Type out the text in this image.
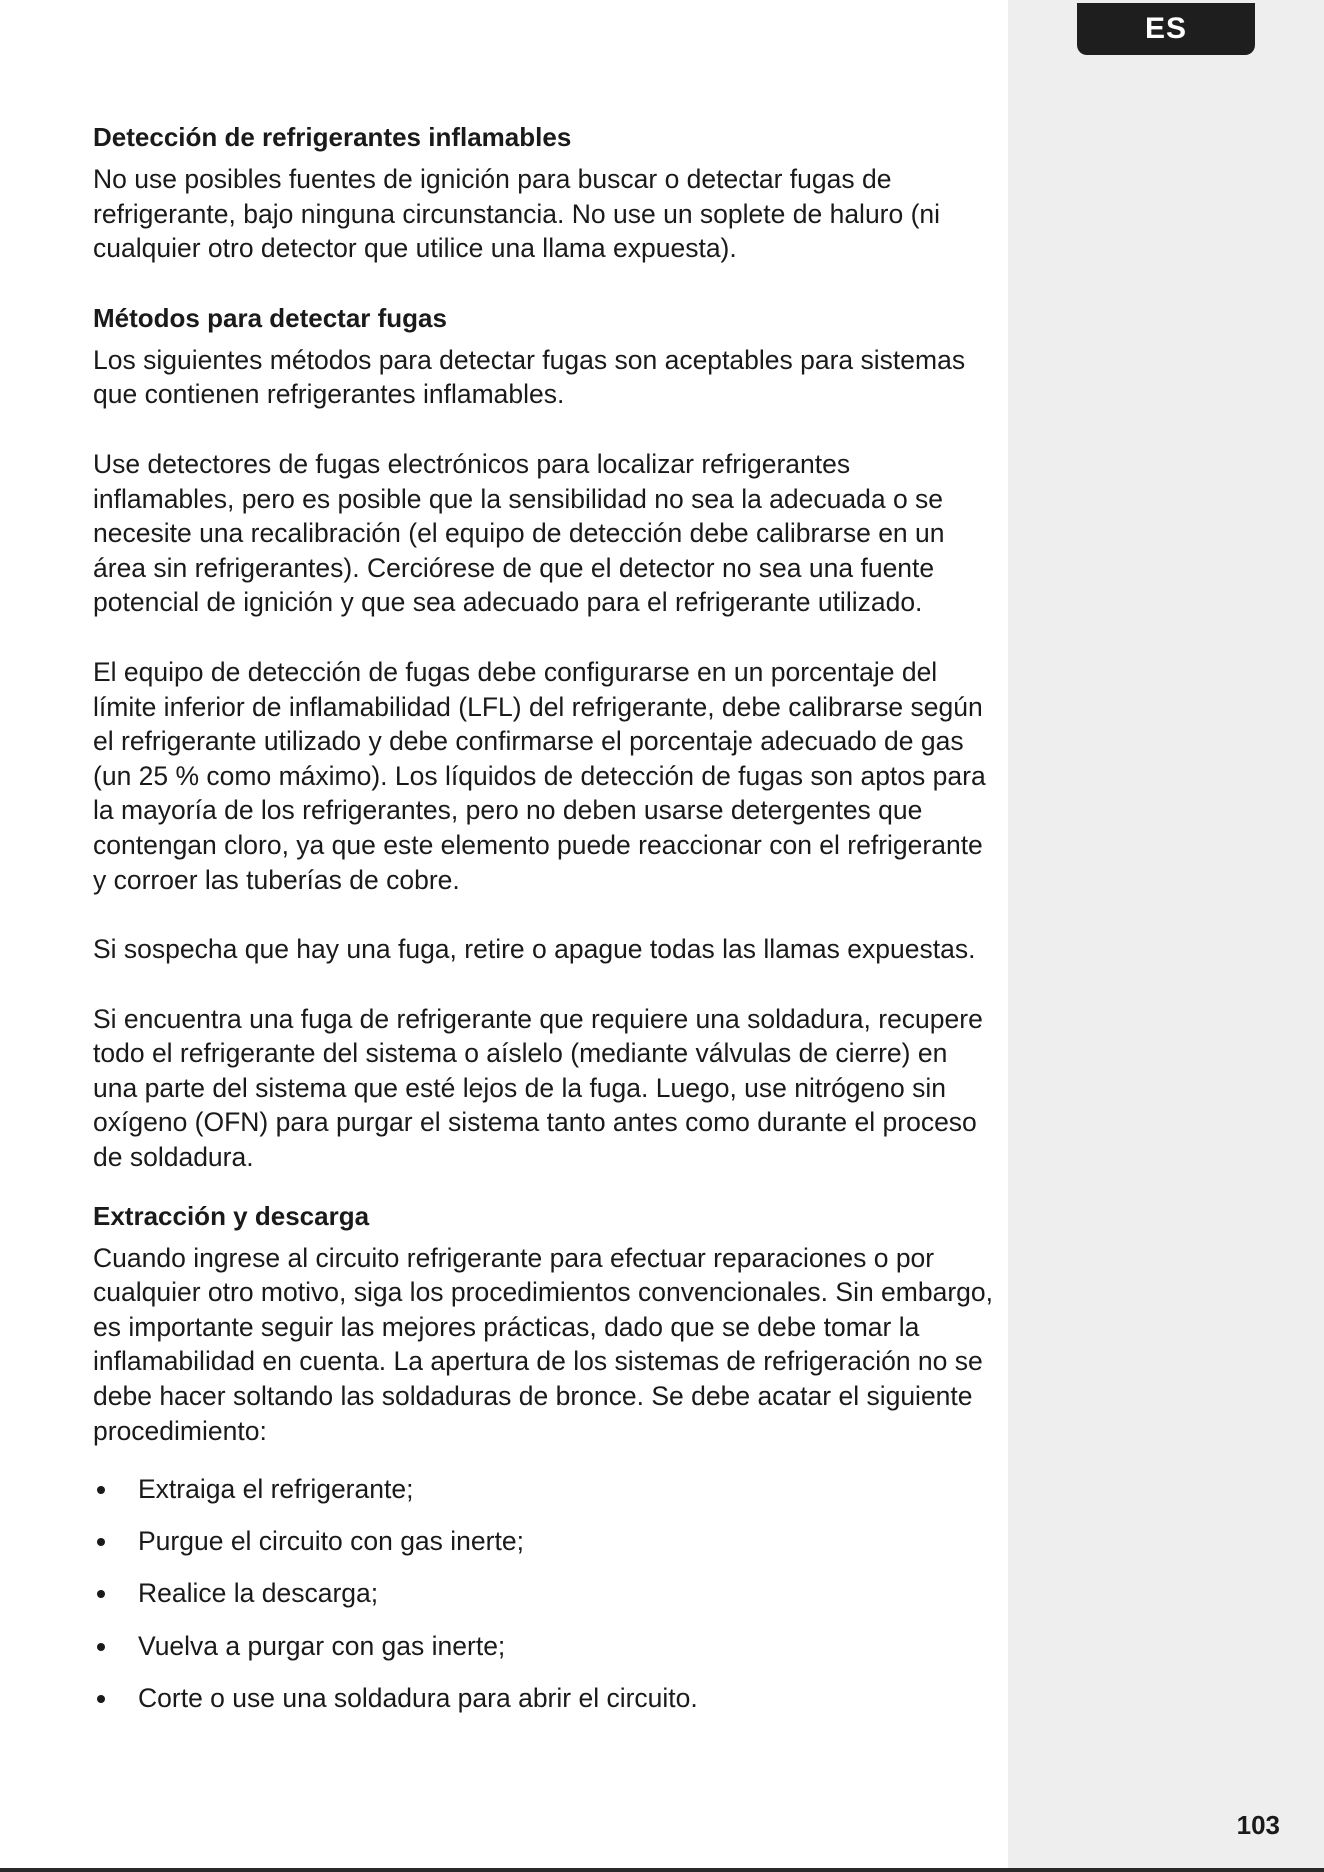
ES
Detección de refrigerantes inflamables

No use posibles fuentes de ignición para buscar o detectar fugas de refrigerante, bajo ninguna circunstancia. No use un soplete de haluro (ni cualquier otro detector que utilice una llama expuesta).

Métodos para detectar fugas

Los siguientes métodos para detectar fugas son aceptables para sistemas que contienen refrigerantes inflamables.

Use detectores de fugas electrónicos para localizar refrigerantes inflamables, pero es posible que la sensibilidad no sea la adecuada o se necesite una recalibración (el equipo de detección debe calibrarse en un área sin refrigerantes). Cerciórese de que el detector no sea una fuente potencial de ignición y que sea adecuado para el refrigerante utilizado.

El equipo de detección de fugas debe configurarse en un porcentaje del límite inferior de inflamabilidad (LFL) del refrigerante, debe calibrarse según el refrigerante utilizado y debe confirmarse el porcentaje adecuado de gas (un 25 % como máximo). Los líquidos de detección de fugas son aptos para la mayoría de los refrigerantes, pero no deben usarse detergentes que contengan cloro, ya que este elemento puede reaccionar con el refrigerante y corroer las tuberías de cobre.

Si sospecha que hay una fuga, retire o apague todas las llamas expuestas.

Si encuentra una fuga de refrigerante que requiere una soldadura, recupere todo el refrigerante del sistema o aíslelo (mediante válvulas de cierre) en una parte del sistema que esté lejos de la fuga. Luego, use nitrógeno sin oxígeno (OFN) para purgar el sistema tanto antes como durante el proceso de soldadura.

Extracción y descarga

Cuando ingrese al circuito refrigerante para efectuar reparaciones o por cualquier otro motivo, siga los procedimientos convencionales. Sin embargo, es importante seguir las mejores prácticas, dado que se debe tomar la inflamabilidad en cuenta. La apertura de los sistemas de refrigeración no se debe hacer soltando las soldaduras de bronce. Se debe acatar el siguiente procedimiento:

Extraiga el refrigerante;
Purgue el circuito con gas inerte;
Realice la descarga;
Vuelva a purgar con gas inerte;
Corte o use una soldadura para abrir el circuito.
103
